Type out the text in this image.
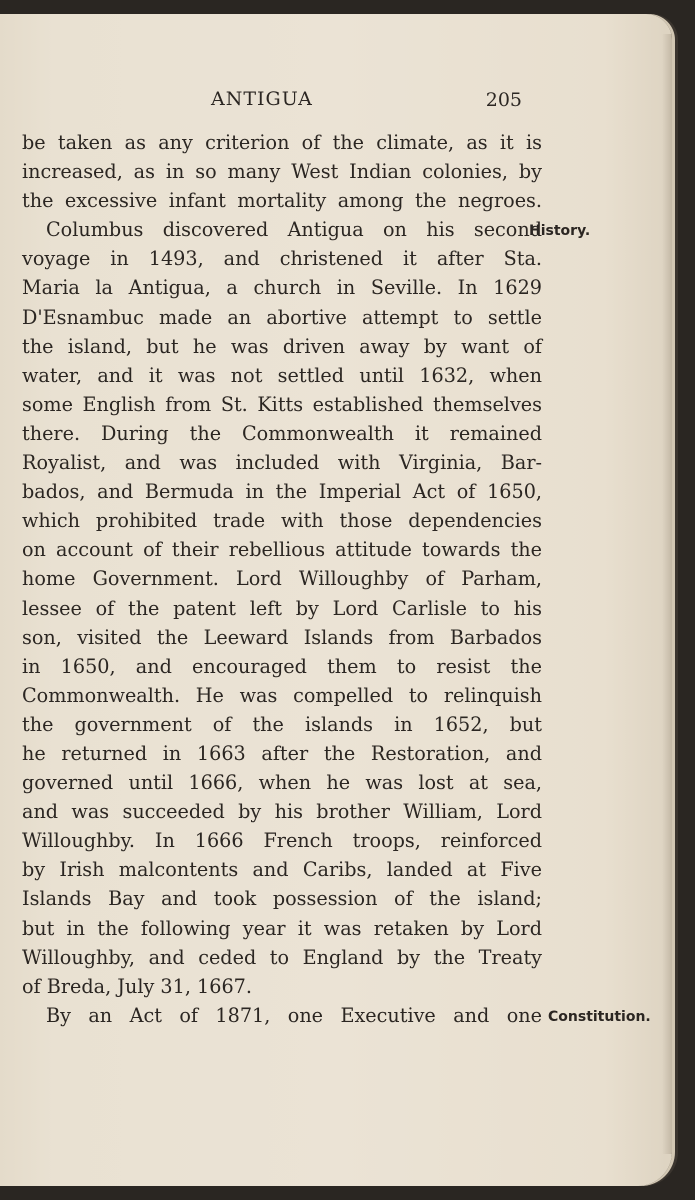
ANTIGUA	205
be taken as any criterion of the climate, as it is
increased, as in so many West Indian colonies, by
the excessive infant mortality among the negroes.
Columbus discovered Antigua on his second
voyage in 1493, and christened it after Sta.
Maria la Antigua, a church in Seville. In 1629
D'Esnambuc made an abortive attempt to settle
the island, but he was driven away by want of
water, and it was not settled until 1632, when
some English from St. Kitts established themselves
there. During the Commonwealth it remained
Royalist, and was included with Virginia, Bar-
bados, and Bermuda in the Imperial Act of 1650,
which prohibited trade with those dependencies
on account of their rebellious attitude towards the
home Government. Lord Willoughby of Parham,
lessee of the patent left by Lord Carlisle to his
son, visited the Leeward Islands from Barbados
in 1650, and encouraged them to resist the
Commonwealth. He was compelled to relinquish
the government of the islands in 1652, but
he returned in 1663 after the Restoration, and
governed until 1666, when he was lost at sea,
and was succeeded by his brother William, Lord
Willoughby. In 1666 French troops, reinforced
by Irish malcontents and Caribs, landed at Five
Islands Bay and took possession of the island;
but in the following year it was retaken by Lord
Willoughby, and ceded to England by the Treaty
of Breda, July 31, 1667.
By an Act of 1871, one Executive and one
History.
Constitution.
